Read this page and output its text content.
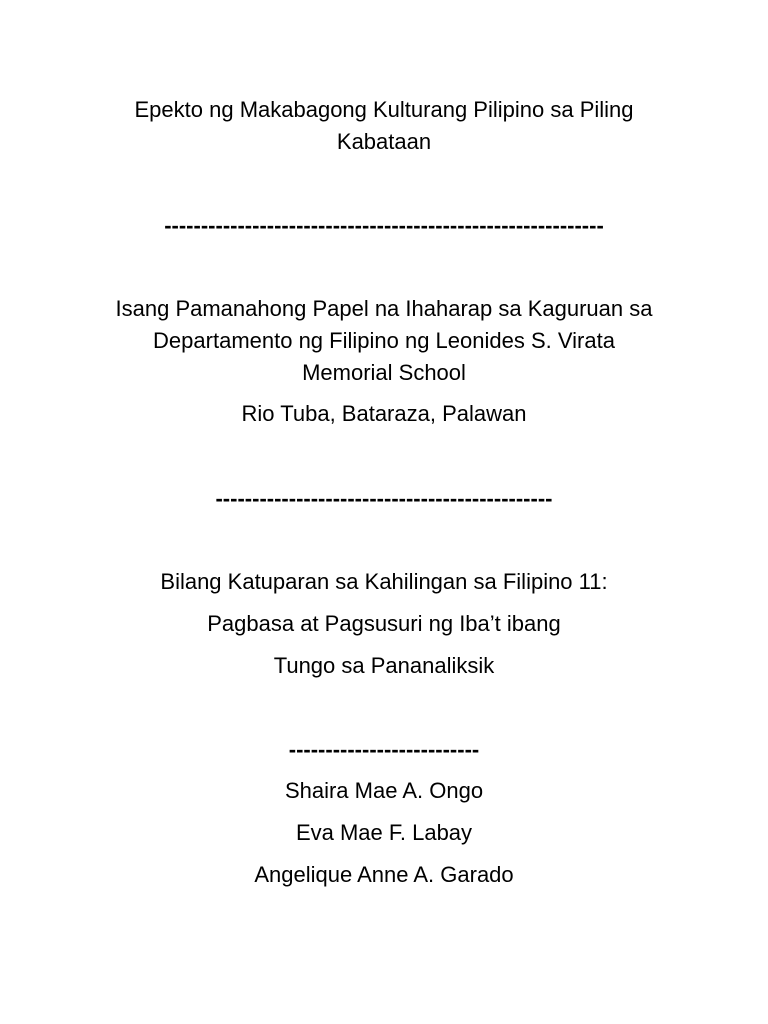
Epekto ng Makabagong Kulturang Pilipino sa Piling
Kabataan
------------------------------------------------------------
Isang Pamanahong Papel na Ihaharap sa Kaguruan sa
Departamento ng Filipino ng Leonides S. Virata
Memorial School
Rio Tuba, Bataraza, Palawan
----------------------------------------------
Bilang Katuparan sa Kahilingan sa Filipino 11:
Pagbasa at Pagsusuri ng Iba’t ibang
Tungo sa Pananaliksik
--------------------------
Shaira Mae A. Ongo
Eva Mae F. Labay
Angelique Anne A. Garado
